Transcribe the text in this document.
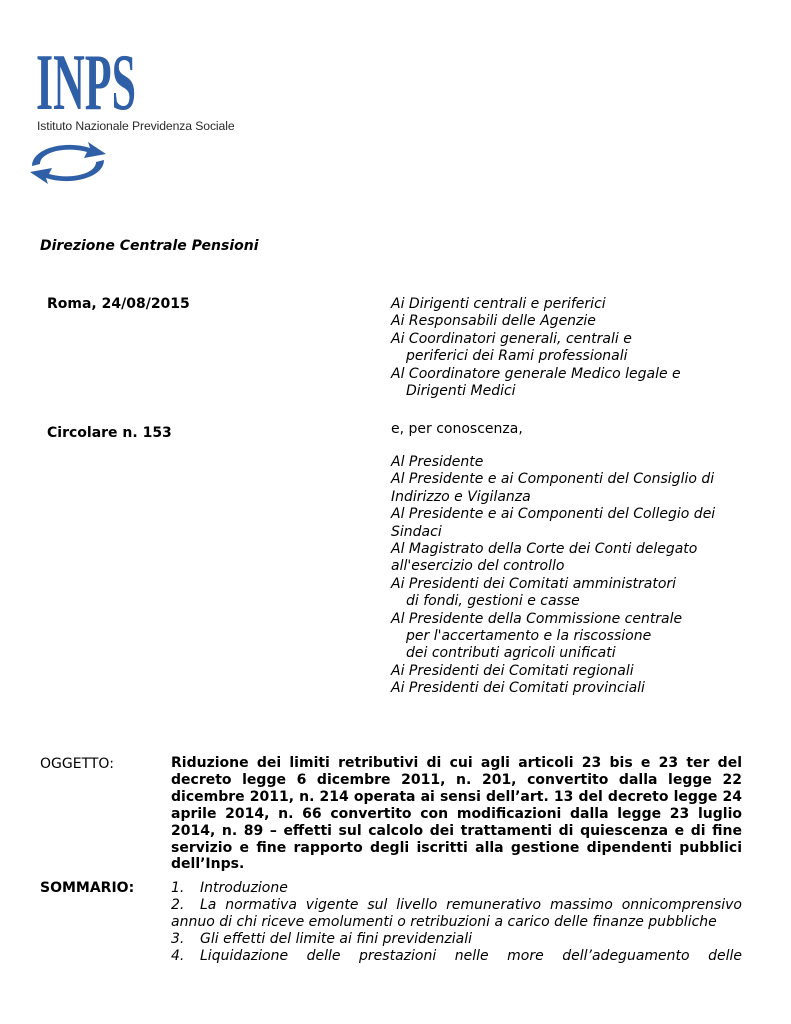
INPS
Istituto Nazionale Previdenza Sociale
Direzione Centrale Pensioni
Roma, 24/08/2015
Circolare n. 153
Ai Dirigenti centrali e periferici
Ai Responsabili delle Agenzie
Ai Coordinatori generali, centrali e
periferici dei Rami professionali
Al Coordinatore generale Medico legale e
Dirigenti Medici
e, per conoscenza,
Al Presidente
Al Presidente e ai Componenti del Consiglio di
Indirizzo e Vigilanza
Al Presidente e ai Componenti del Collegio dei
Sindaci
Al Magistrato della Corte dei Conti delegato
all'esercizio del controllo
Ai Presidenti dei Comitati amministratori
di fondi, gestioni e casse
Al Presidente della Commissione centrale
per l'accertamento e la riscossione
dei contributi agricoli unificati
Ai Presidenti dei Comitati regionali
Ai Presidenti dei Comitati provinciali
OGGETTO:	Riduzione dei limiti retributivi di cui agli articoli 23 bis e 23 ter del decreto legge 6 dicembre 2011, n. 201, convertito dalla legge 22 dicembre 2011, n. 214 operata ai sensi dell’art. 13 del decreto legge 24 aprile 2014, n. 66 convertito con modificazioni dalla legge 23 luglio 2014, n. 89 – effetti sul calcolo dei trattamenti di quiescenza e di fine servizio e fine rapporto degli iscritti alla gestione dipendenti pubblici dell’Inps.
SOMMARIO:	1. Introduzione
2. La normativa vigente sul livello remunerativo massimo onnicomprensivo annuo di chi riceve emolumenti o retribuzioni a carico delle finanze pubbliche
3. Gli effetti del limite ai fini previdenziali
4. Liquidazione delle prestazioni nelle more dell’adeguamento delle
